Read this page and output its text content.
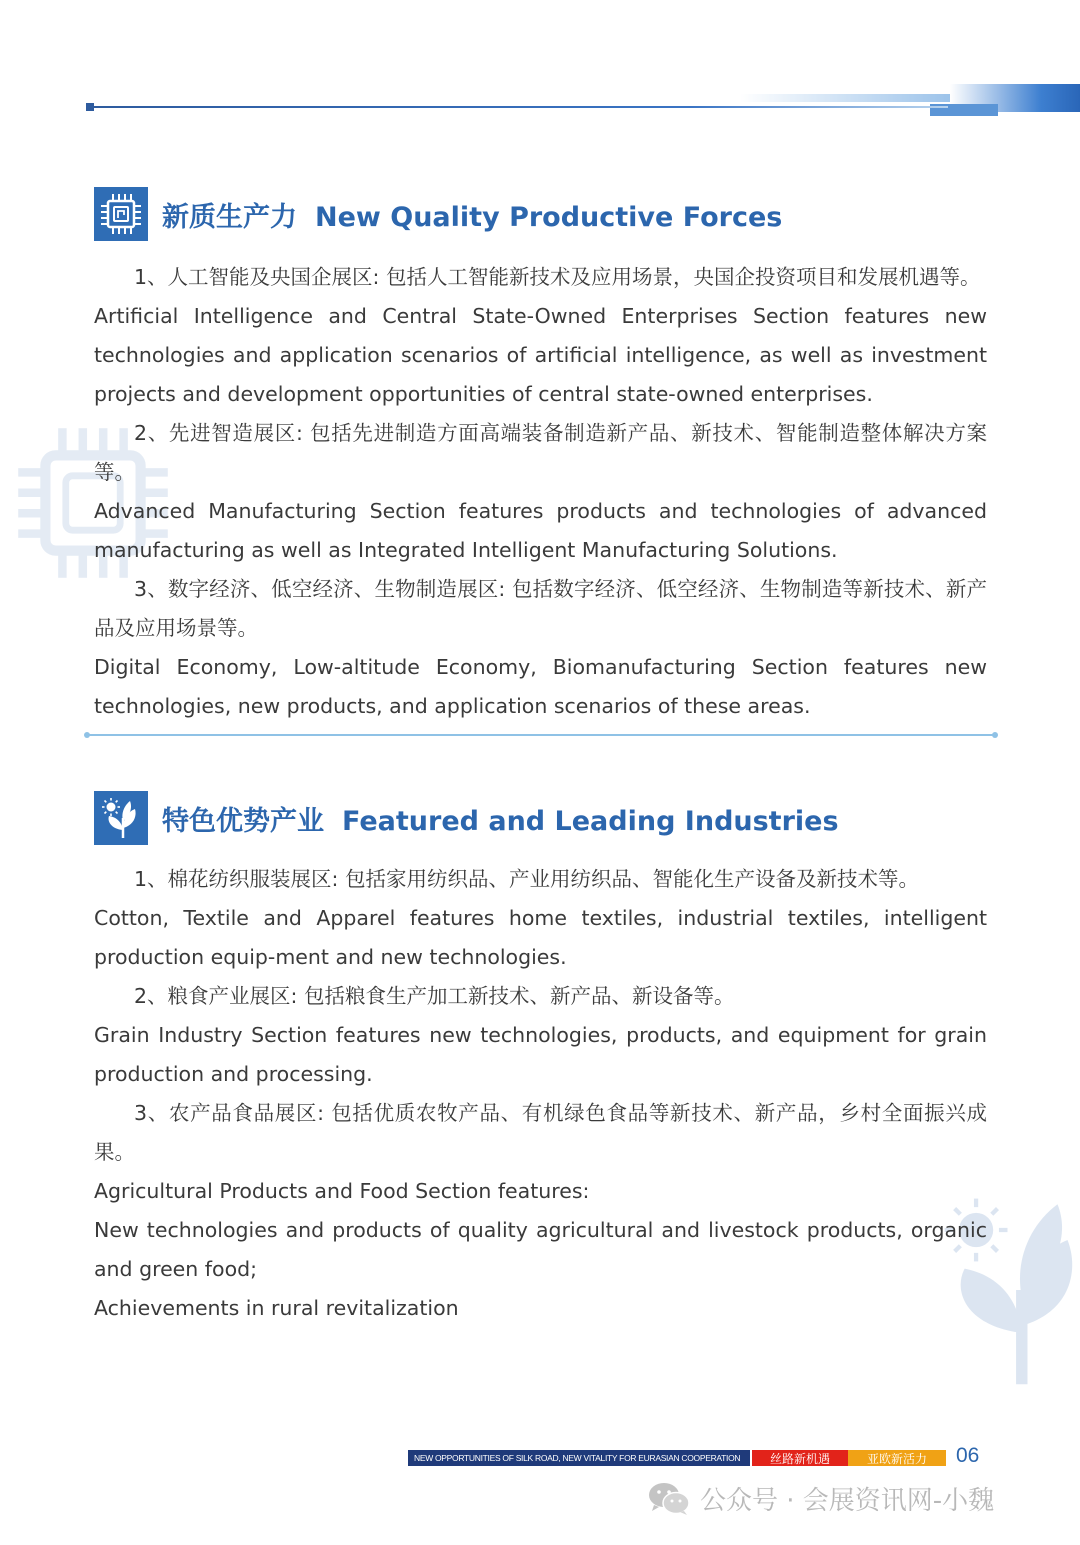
新质生产力 New Quality Productive Forces

1、人工智能及央国企展区: 包括人工智能新技术及应用场景，央国企投资项目和发展机遇等。

Artificial Intelligence and Central State-Owned Enterprises Section features new technologies and application scenarios of artificial intelligence, as well as investment projects and development opportunities of central state-owned enterprises.

2、先进智造展区: 包括先进制造方面高端装备制造新产品、新技术、智能制造整体解决方案等。

Advanced Manufacturing Section features products and technologies of advanced manufacturing as well as Integrated Intelligent Manufacturing Solutions.

3、数字经济、低空经济、生物制造展区: 包括数字经济、低空经济、生物制造等新技术、新产品及应用场景等。

Digital Economy, Low-altitude Economy, Biomanufacturing Section features new technologies, new products, and application scenarios of these areas.

特色优势产业 Featured and Leading Industries

1、棉花纺织服装展区: 包括家用纺织品、产业用纺织品、智能化生产设备及新技术等。

Cotton, Textile and Apparel features home textiles, industrial textiles, intelligent production equip-ment and new technologies.

2、粮食产业展区: 包括粮食生产加工新技术、新产品、新设备等。

Grain Industry Section features new technologies, products, and equipment for grain production and processing.

3、农产品食品展区: 包括优质农牧产品、有机绿色食品等新技术、新产品，乡村全面振兴成果。

Agricultural Products and Food Section features:

New technologies and products of quality agricultural and livestock products, organic and green food;

Achievements in rural revitalization

NEW OPPORTUNITIES OF SILK ROAD, NEW VITALITY FOR EURASIAN COOPERATION	丝路新机遇	亚欧新活力	06
公众号 · 会展资讯网-小魏
